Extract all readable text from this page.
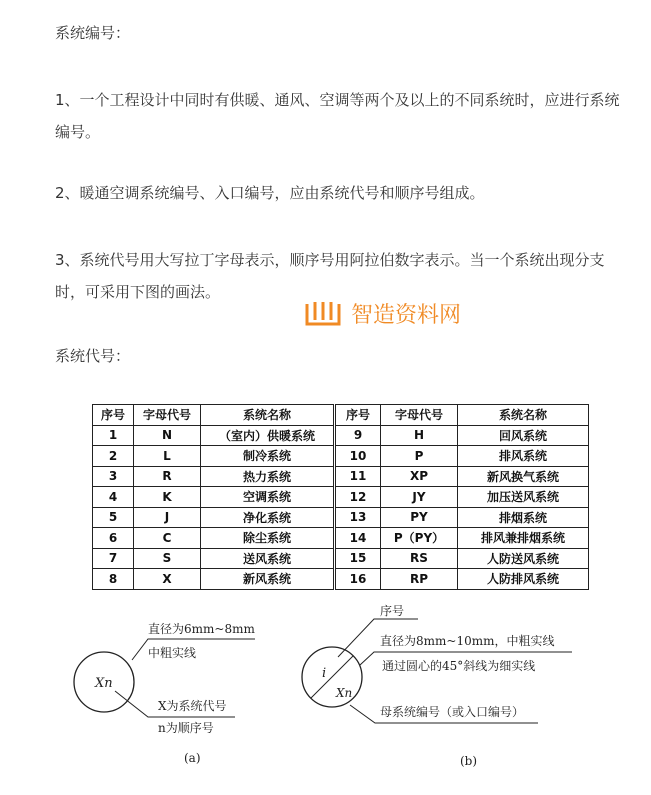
系统编号：
1、一个工程设计中同时有供暖、通风、空调等两个及以上的不同系统时，应进行系统编号。
2、暖通空调系统编号、入口编号，应由系统代号和顺序号组成。
3、系统代号用大写拉丁字母表示，顺序号用阿拉伯数字表示。当一个系统出现分支时，可采用下图的画法。
系统代号：
智造资料网
序号	字母代号	系统名称	序号	字母代号	系统名称
1	N	（室内）供暖系统	9	H	回风系统
2	L	制冷系统	10	P	排风系统
3	R	热力系统	11	XP	新风换气系统
4	K	空调系统	12	JY	加压送风系统
5	J	净化系统	13	PY	排烟系统
6	C	除尘系统	14	P（PY）	排风兼排烟系统
7	S	送风系统	15	RS	人防送风系统
8	X	新风系统	16	RP	人防排风系统
Xn
直径为6mm~8mm
中粗实线
X为系统代号
n为顺序号
(a)
i
Xn
序号
直径为8mm~10mm，中粗实线
通过圆心的45°斜线为细实线
母系统编号（或入口编号）
(b)
